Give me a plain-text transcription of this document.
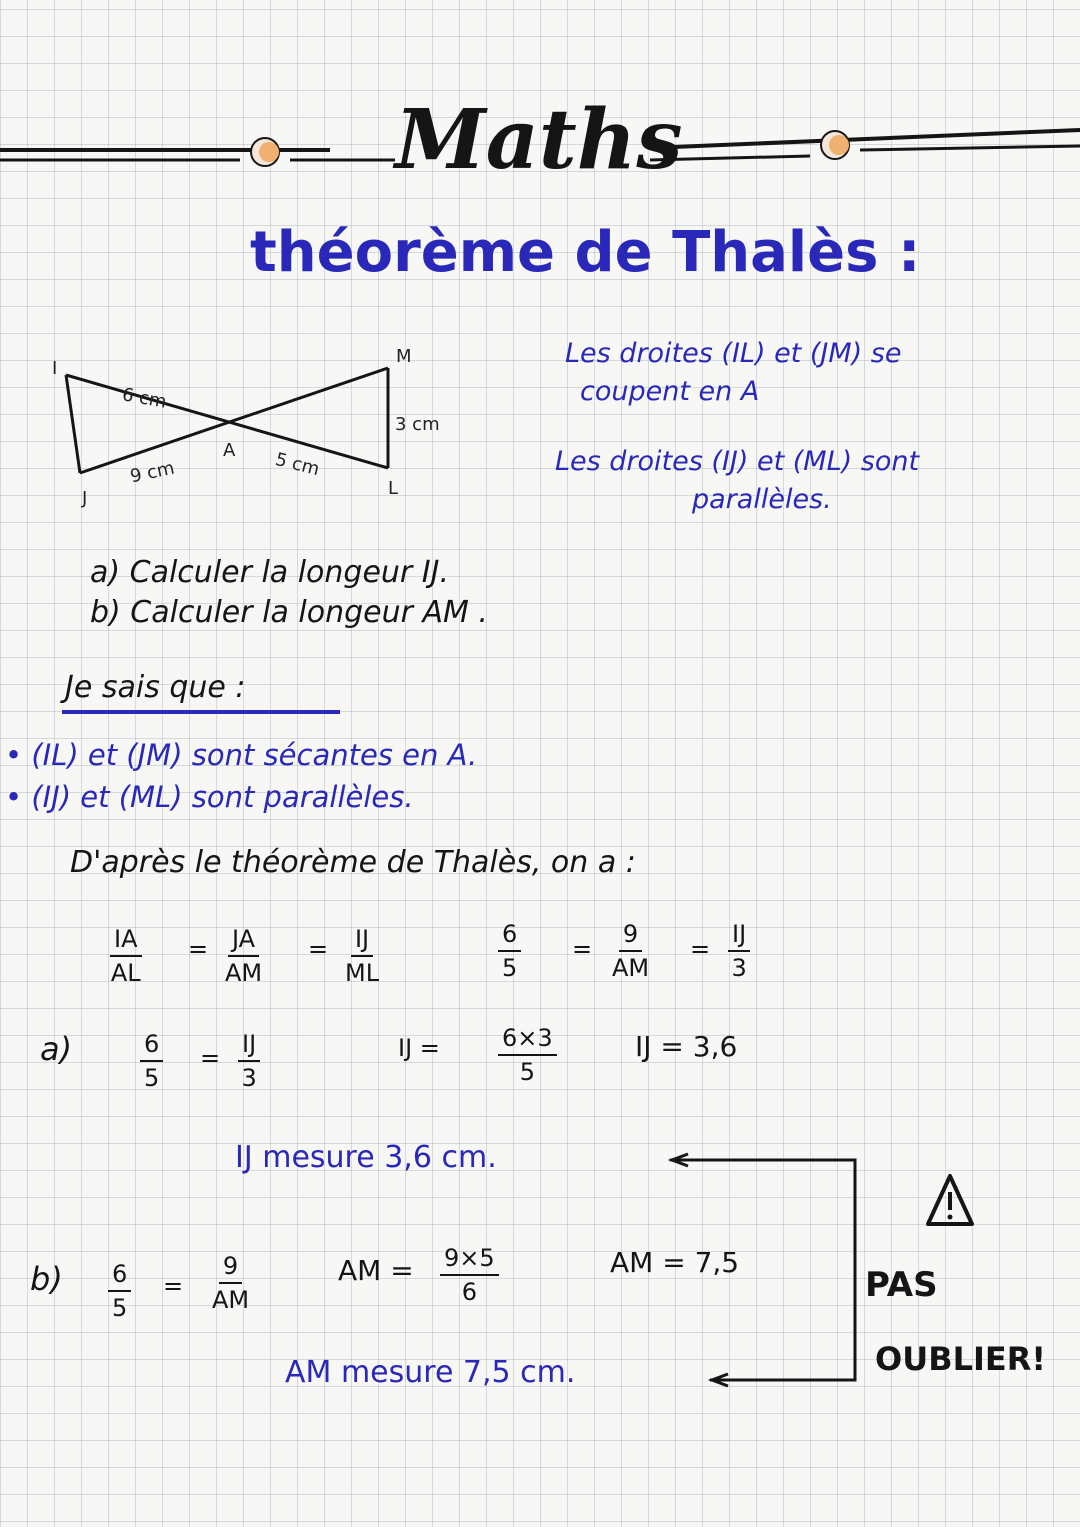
Maths
théorème de Thalès :
I
J
A
M
L
6 cm
9 cm	5 cm
3 cm
Les droites (IL) et (JM) se
coupent en A
Les droites (IJ) et (ML) sont
parallèles.
a) Calculer la longeur IJ.
b) Calculer la longeur AM .
Je sais que :
• (IL) et (JM) sont sécantes en A.
• (IJ) et (ML) sont parallèles.
D'après le théorème de Thalès, on a :
$\frac{IA}{AL} = \frac{JA}{AM} = \frac{IJ}{ML}$	$\frac{6}{5} = \frac{9}{AM} = \frac{IJ}{3}$
a)	$\frac{6}{5} = \frac{IJ}{3}$	IJ = $\frac{6\times 3}{5}$	IJ = 3,6
IJ mesure 3,6 cm.
$b) \frac{6}{5} = \frac{9}{AM}$	AM = $\frac{9\times 5}{6}$	AM = 7,5
AM mesure 7,5 cm.
PAS
OUBLIER!
